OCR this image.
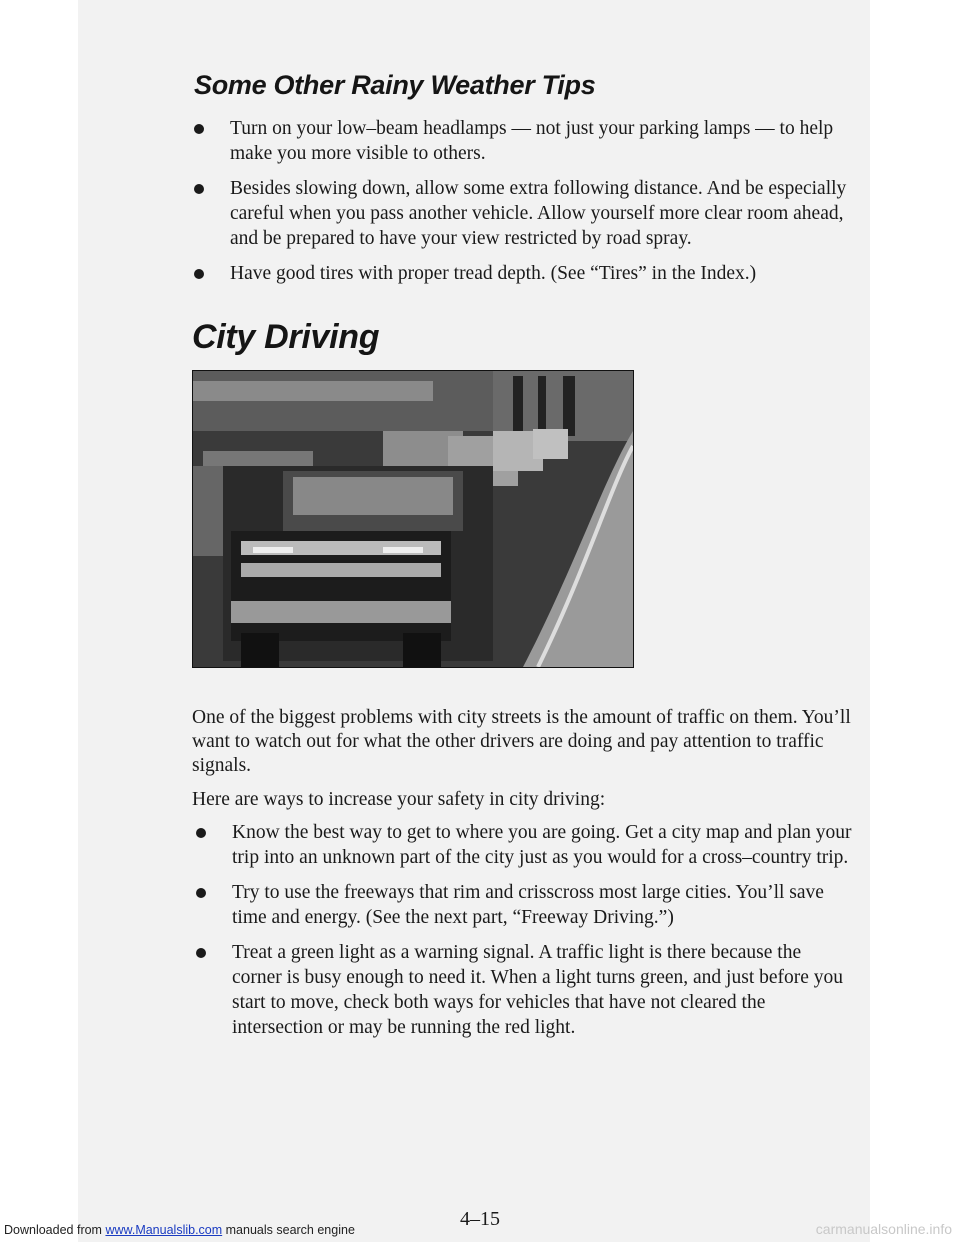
Some Other Rainy Weather Tips
Turn on your low–beam headlamps — not just your parking lamps — to help make you more visible to others.
Besides slowing down, allow some extra following distance. And be especially careful when you pass another vehicle. Allow yourself more clear room ahead, and be prepared to have your view restricted by road spray.
Have good tires with proper tread depth. (See “Tires” in the Index.)
City Driving

One of the biggest problems with city streets is the amount of traffic on them. You’ll want to watch out for what the other drivers are doing and pay attention to traffic signals.

Here are ways to increase your safety in city driving:

Know the best way to get to where you are going. Get a city map and plan your trip into an unknown part of the city just as you would for a cross–country trip.
Try to use the freeways that rim and crisscross most large cities. You’ll save time and energy. (See the next part, “Freeway Driving.”)
Treat a green light as a warning signal. A traffic light is there because the corner is busy enough to need it. When a light turns green, and just before you start to move, check both ways for vehicles that have not cleared the intersection or may be running the red light.
4–15
Downloaded from www.Manualslib.com manuals search engine	carmanualsonline.info
